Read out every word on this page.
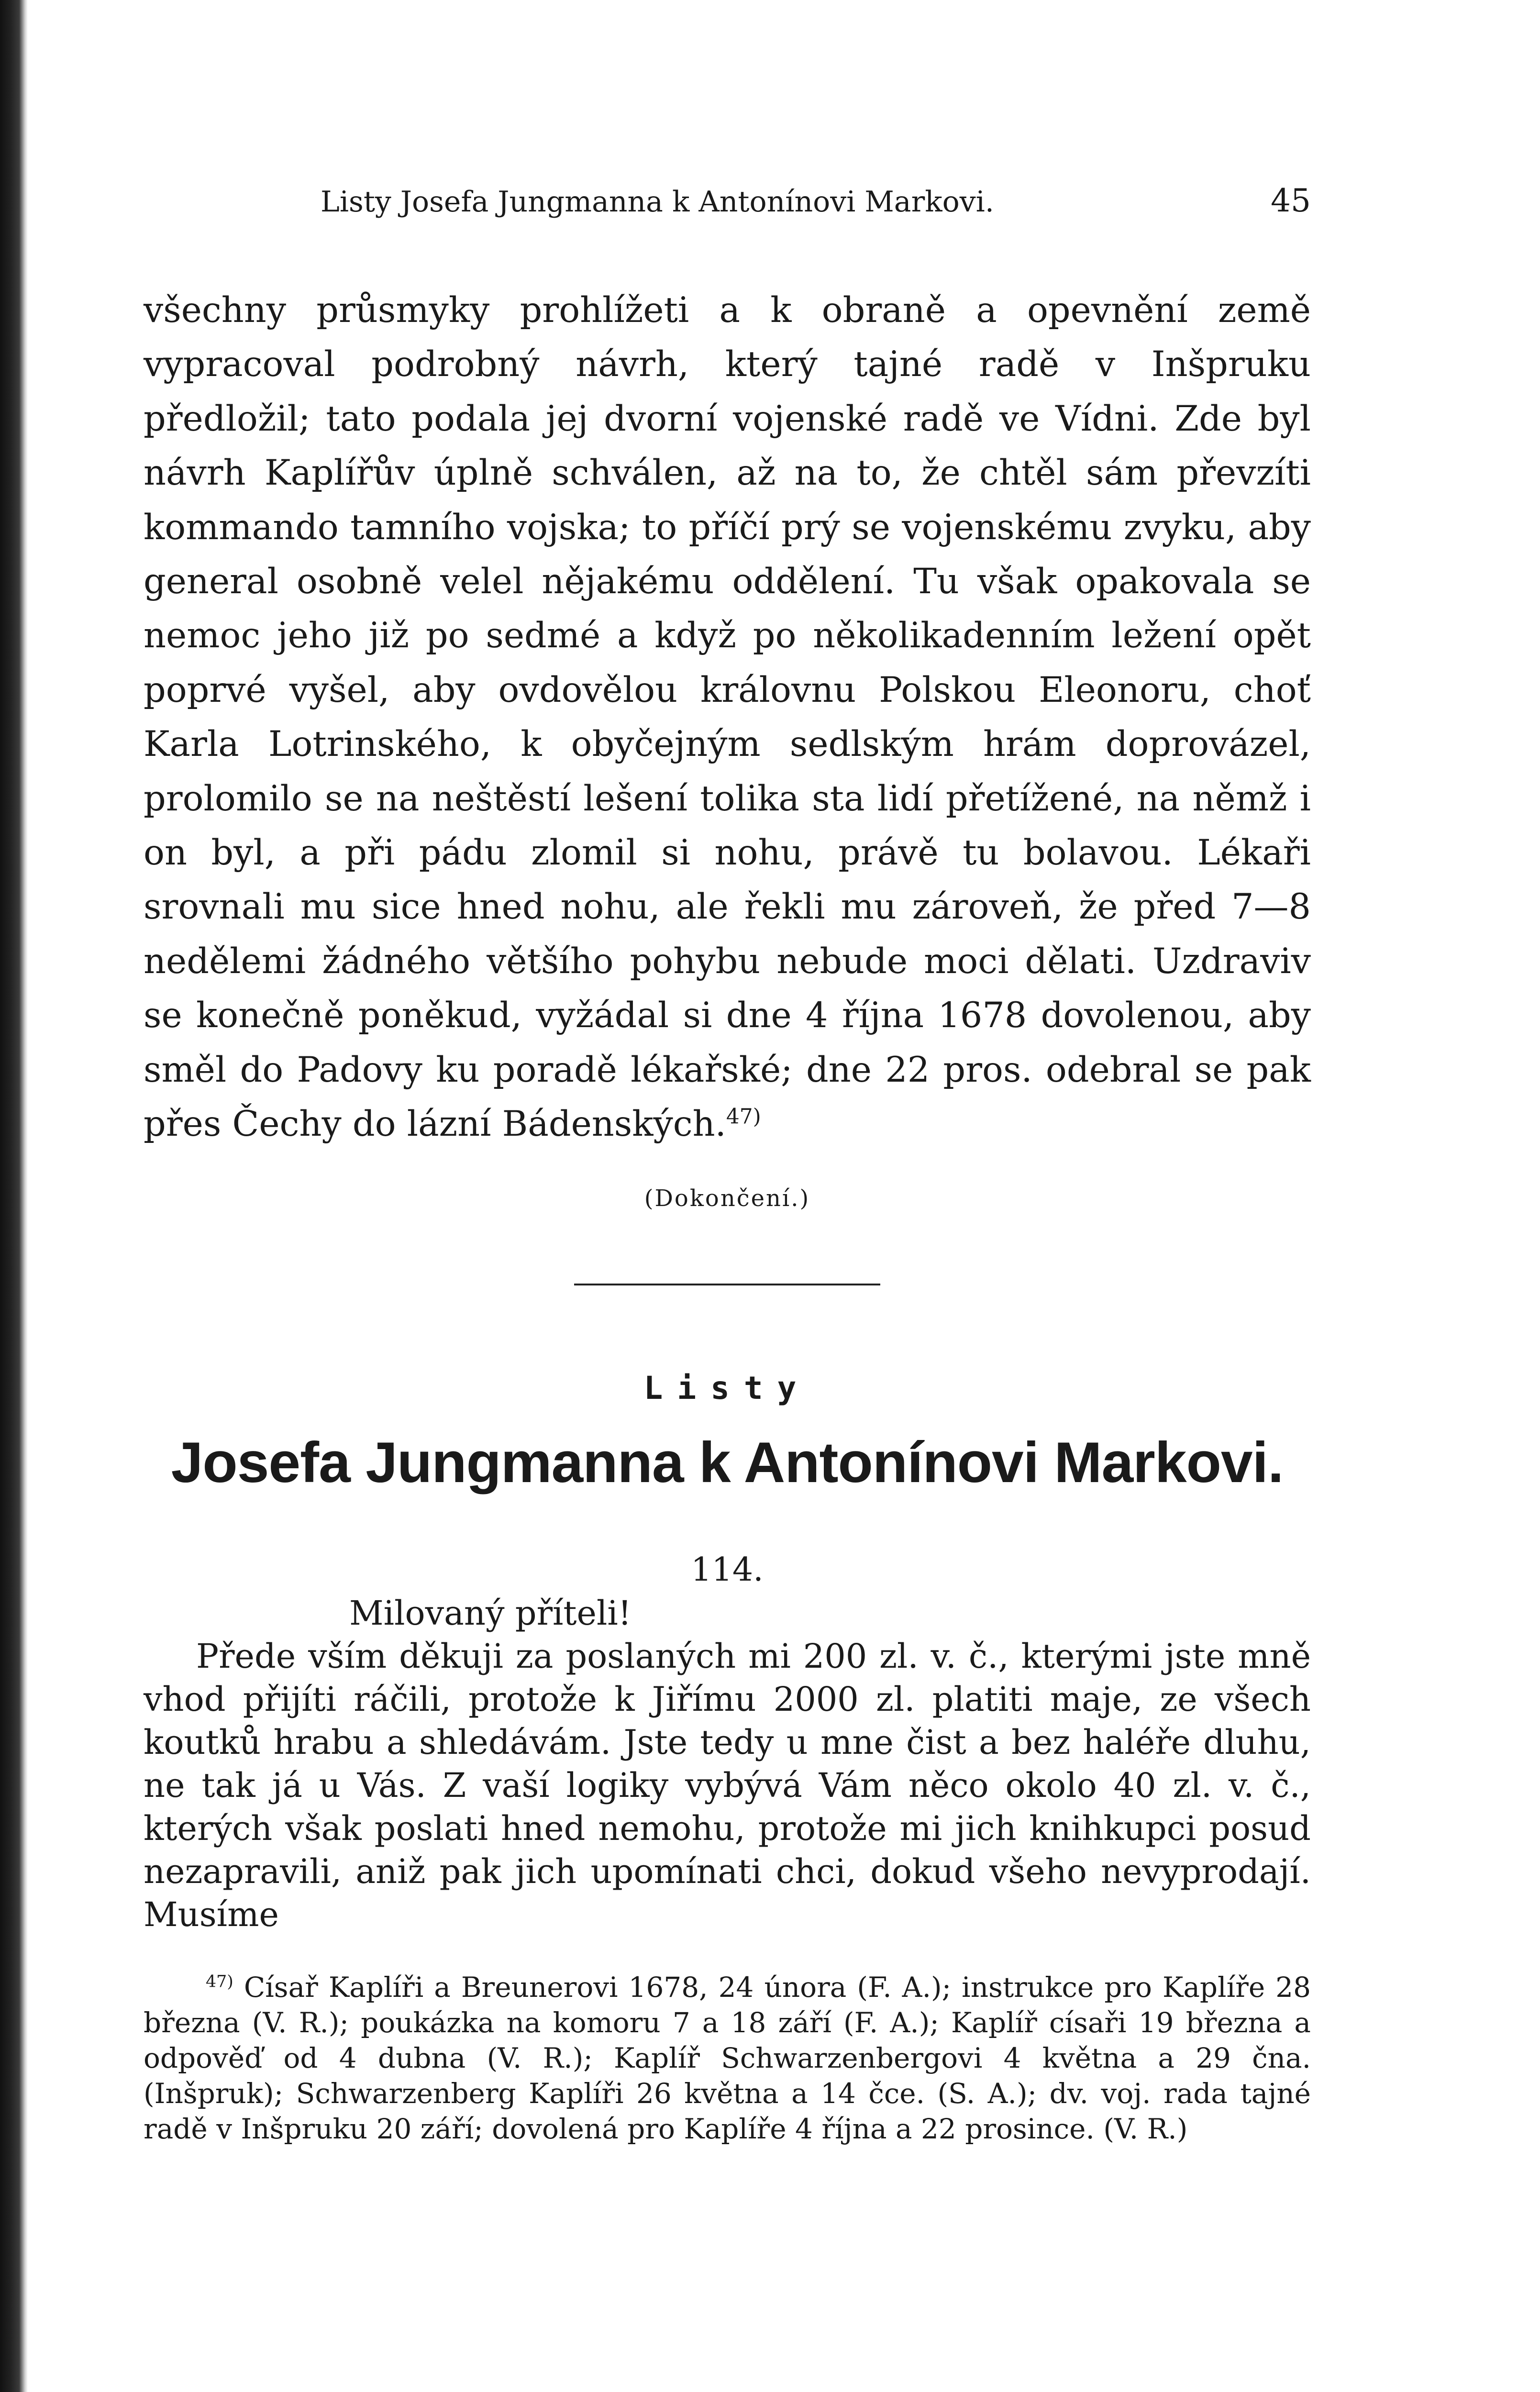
Listy Josefa Jungmanna k Antonínovi Markovi.	45

všechny průsmyky prohlížeti a k obraně a opevnění země vypracoval podrobný návrh, který tajné radě v Inšpruku předložil; tato podala jej dvorní vojenské radě ve Vídni. Zde byl návrh Kaplířův úplně schválen, až na to, že chtěl sám převzíti kommando tamního vojska; to příčí prý se vojenskému zvyku, aby general osobně velel nějakému oddělení. Tu však opakovala se nemoc jeho již po sedmé a když po několikadenním ležení opět poprvé vyšel, aby ovdovělou královnu Polskou Eleonoru, choť Karla Lotrinského, k obyčejným sedlským hrám doprovázel, prolomilo se na neštěstí lešení tolika sta lidí přetížené, na němž i on byl, a při pádu zlomil si nohu, právě tu bolavou. Lékaři srovnali mu sice hned nohu, ale řekli mu zároveň, že před 7—8 nedělemi žádného většího pohybu nebude moci dělati. Uzdraviv se konečně poněkud, vyžádal si dne 4 října 1678 dovolenou, aby směl do Padovy ku poradě lékařské; dne 22 pros. odebral se pak přes Čechy do lázní Bádenských.$^{47)}$

(Dokončení.)
Listy
Josefa Jungmanna k Antonínovi Markovi.
114.

Milovaný příteli!

Přede vším děkuji za poslaných mi 200 zl. v. č., kterými jste mně vhod přijíti ráčili, protože k Jiřímu 2000 zl. platiti maje, ze všech koutků hrabu a shledávám. Jste tedy u mne čist a bez haléře dluhu, ne tak já u Vás. Z vaší logiky vybývá Vám něco okolo 40 zl. v. č., kterých však poslati hned nemohu, protože mi jich knihkupci posud nezapravili, aniž pak jich upomínati chci, dokud všeho nevyprodají. Musíme

$^{47)}$ Císař Kaplíři a Breunerovi 1678, 24 února (F. A.); instrukce pro Kaplíře 28 března (V. R.); poukázka na komoru 7 a 18 září (F. A.); Kaplíř císaři 19 března a odpověď od 4 dubna (V. R.); Kaplíř Schwarzenbergovi 4 května a 29 čna. (Inšpruk); Schwarzenberg Kaplíři 26 května a 14 čce. (S. A.); dv. voj. rada tajné radě v Inšpruku 20 září; dovolená pro Kaplíře 4 října a 22 prosince. (V. R.)
